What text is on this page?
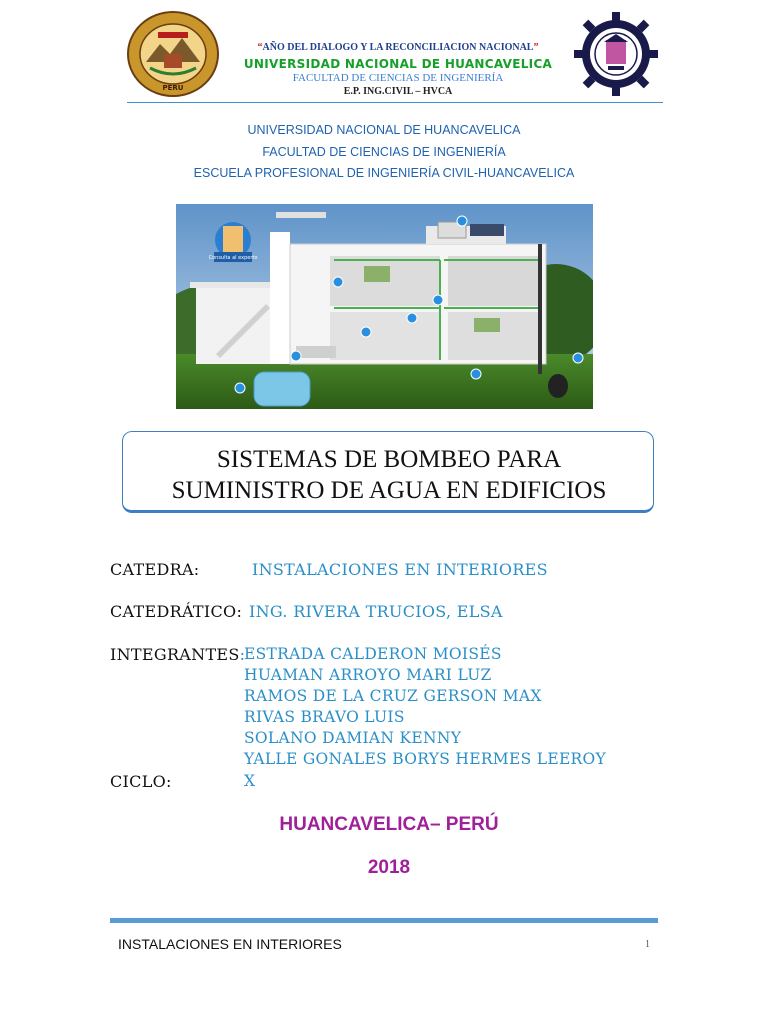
PERU
“AÑO DEL DIALOGO Y LA RECONCILIACION NACIONAL”
UNIVERSIDAD NACIONAL DE HUANCAVELICA
FACULTAD DE CIENCIAS DE INGENIERÍA
E.P. ING.CIVIL – HVCA
UNIVERSIDAD NACIONAL DE HUANCAVELICA
FACULTAD DE CIENCIAS DE INGENIERÍA
ESCUELA PROFESIONAL DE INGENIERÍA CIVIL-HUANCAVELICA
Consulta al experto
SISTEMAS DE BOMBEO PARA
SUMINISTRO DE AGUA EN EDIFICIOS
CATEDRA:	INSTALACIONES EN INTERIORES
CATEDRÁTICO: ING. RIVERA TRUCIOS, ELSA
INTEGRANTES:
ESTRADA CALDERON MOISÉS
HUAMAN ARROYO MARI LUZ
RAMOS DE LA CRUZ GERSON MAX
RIVAS BRAVO LUIS
SOLANO DAMIAN KENNY
YALLE GONALES BORYS HERMES LEEROY
CICLO:	X
HUANCAVELICA– PERÚ
2018
INSTALACIONES EN INTERIORES	1
